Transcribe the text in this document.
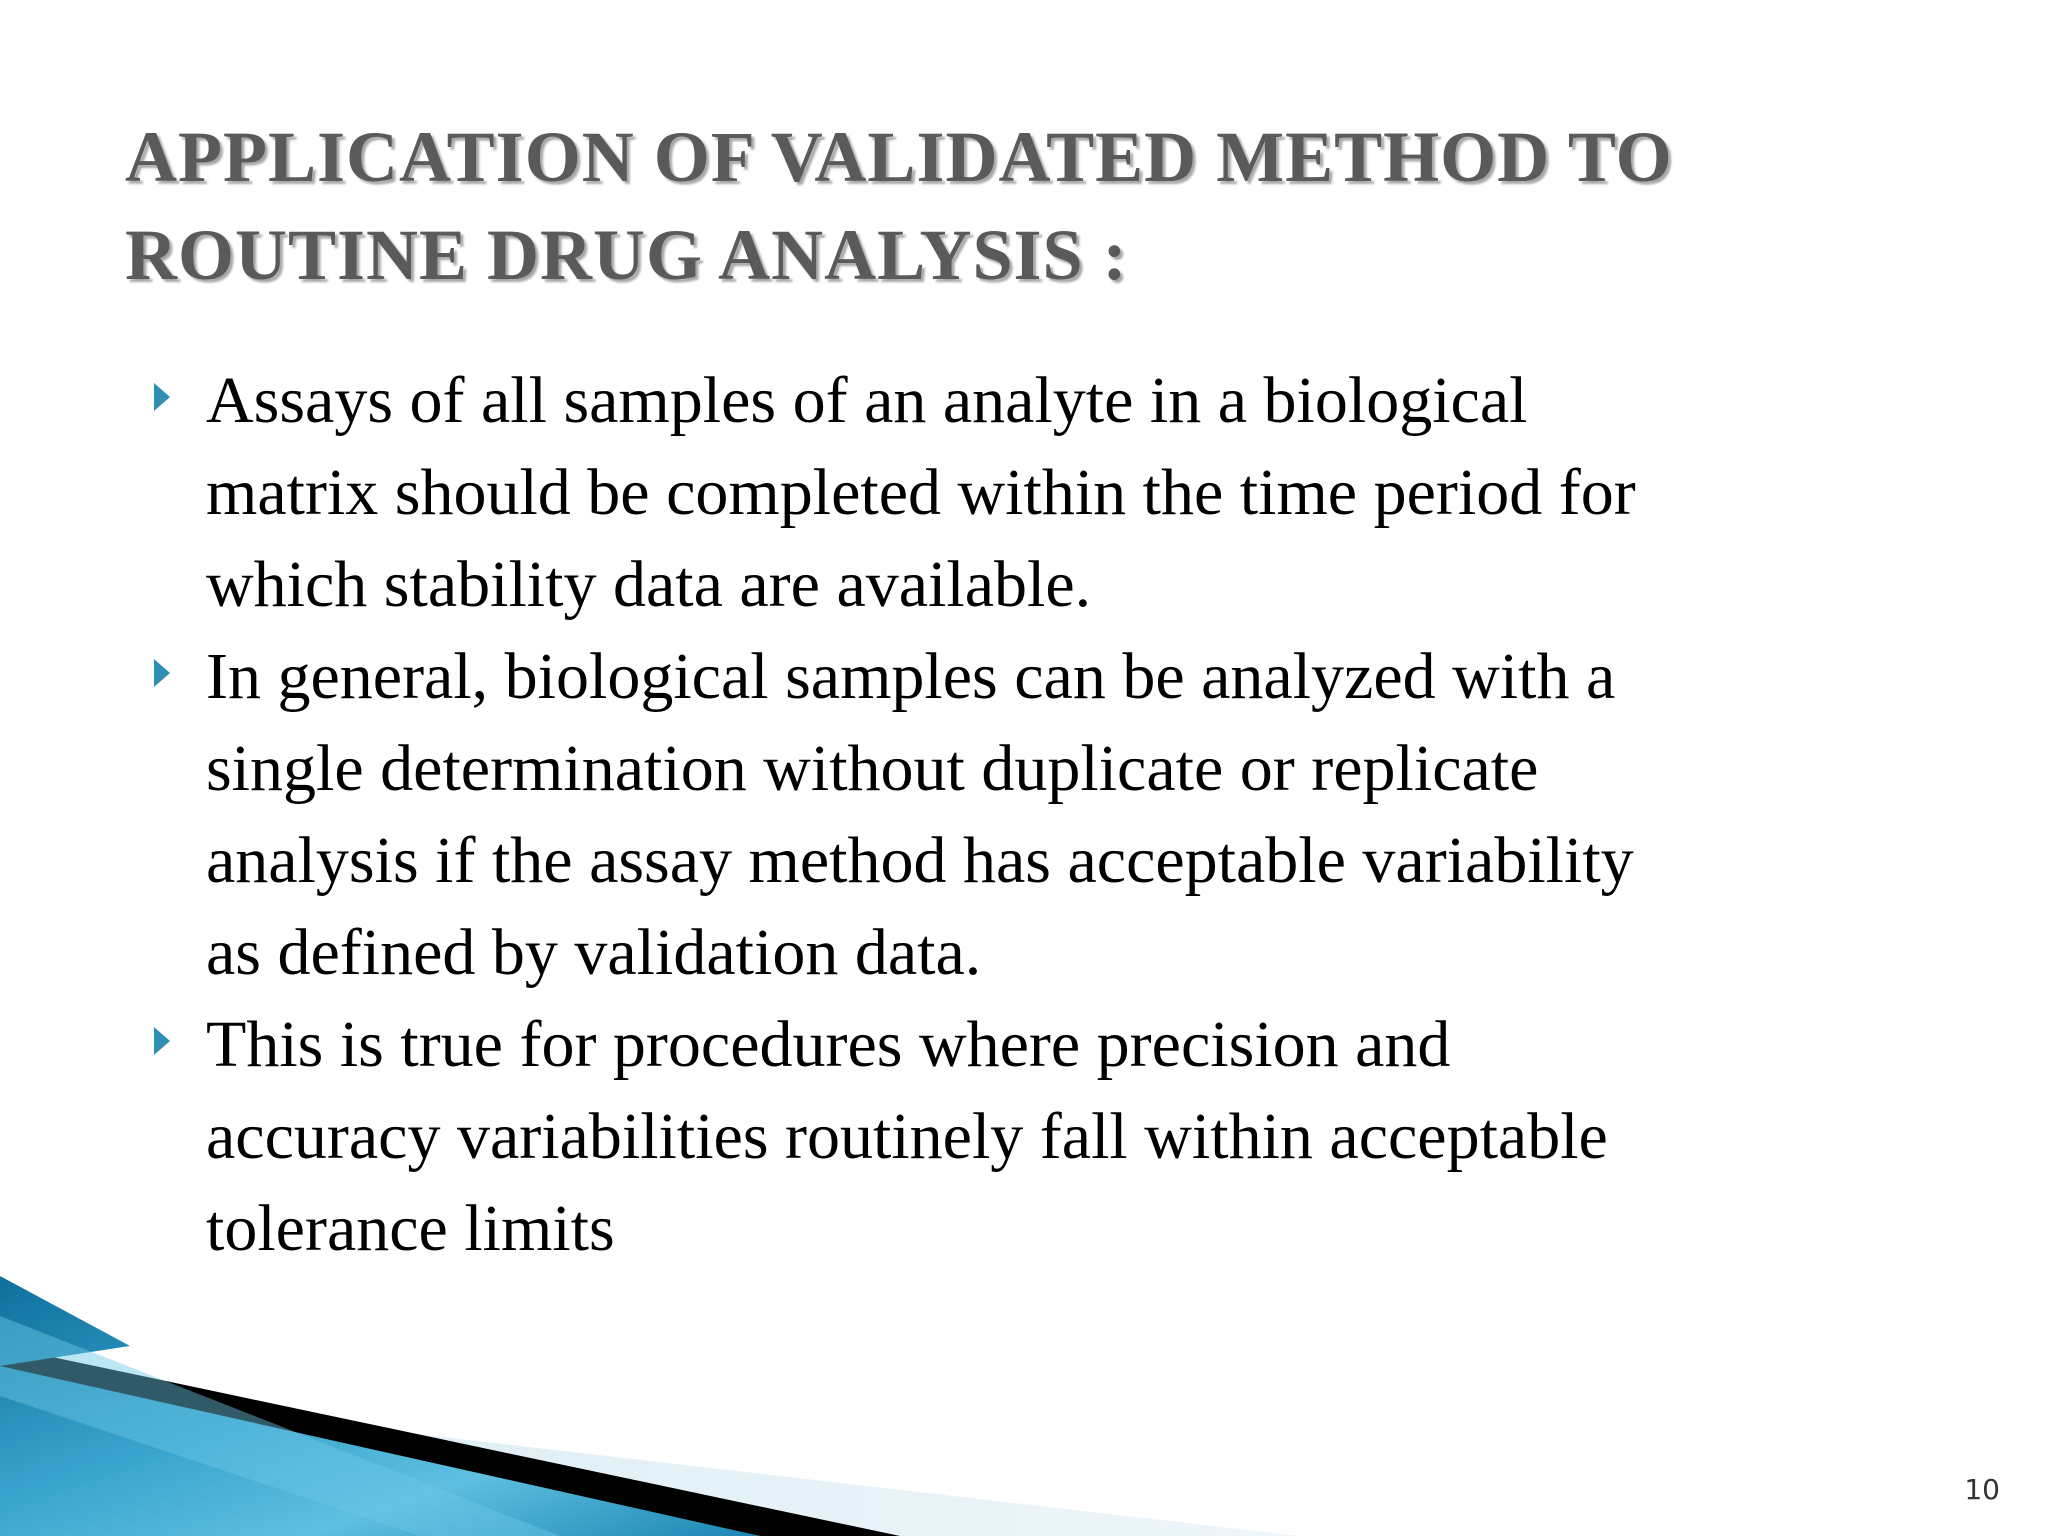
APPLICATION OF VALIDATED METHOD TO
ROUTINE DRUG ANALYSIS :
Assays of all samples of an analyte in a biological
matrix should be completed within the time period for
which stability data are available.
In general, biological samples can be analyzed with a
single determination without duplicate or replicate
analysis if the assay method has acceptable variability
as defined by validation data.
This is true for procedures where precision and
accuracy variabilities routinely fall within acceptable
tolerance limits
10
